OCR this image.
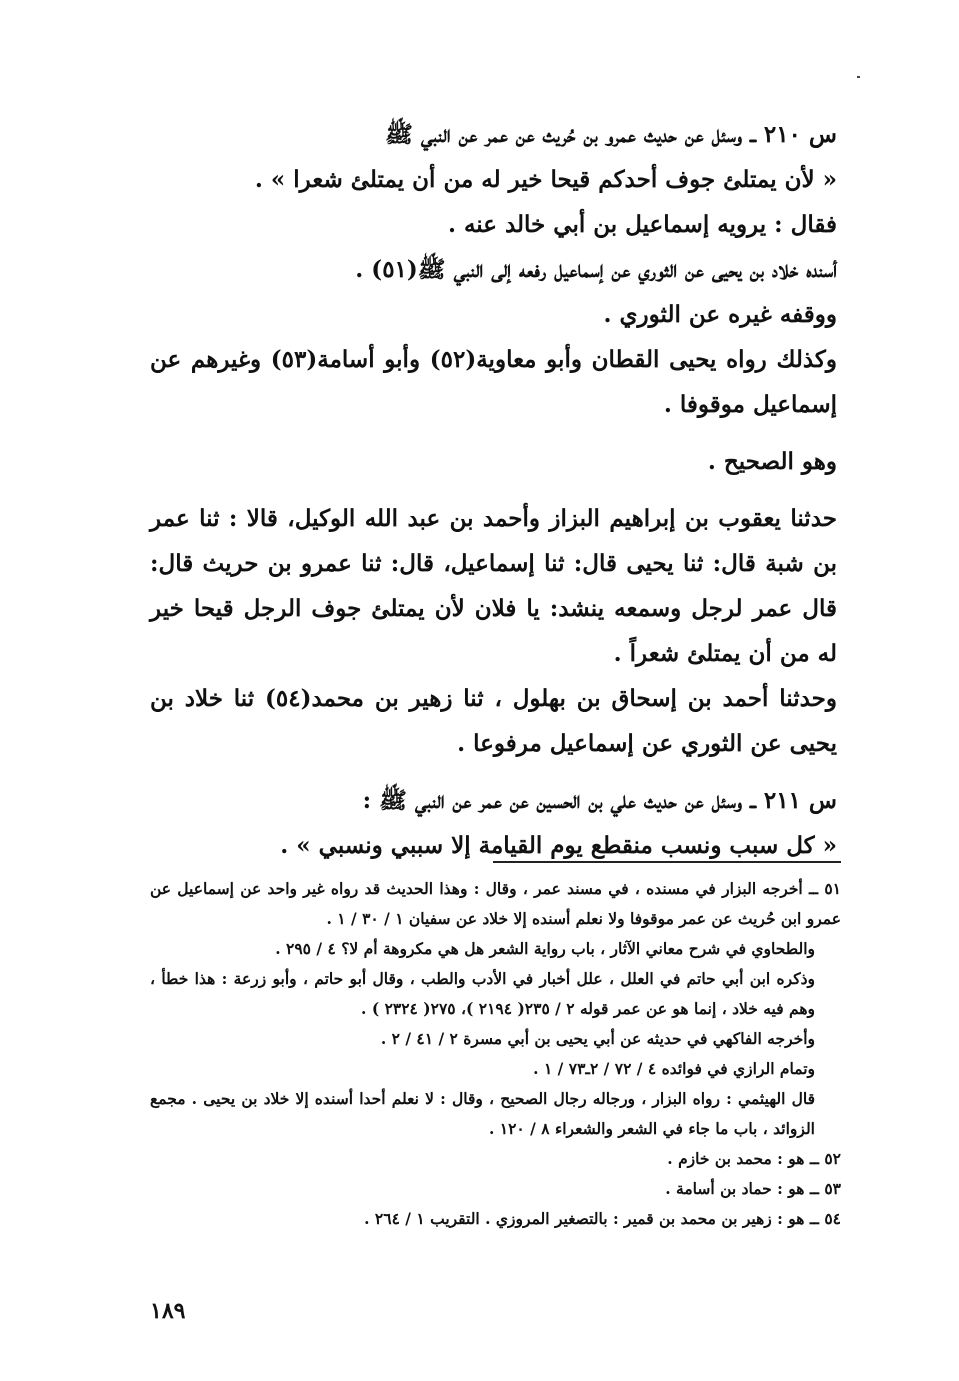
س ٢١٠ ــ وسئل عن حديث عمرو بن حُريث عن عمر عن النبي ﷺ

« لأن يمتلئ جوف أحدكم قيحا خير له من أن يمتلئ شعرا » .

فقال : يرويه إسماعيل بن أبي خالد عنه .

أسنده خلاد بن يحيى عن الثوري عن إسماعيل رفعه إلى النبي ﷺ(٥١) .

ووقفه غيره عن الثوري .

وكذلك رواه يحيى القطان وأبو معاوية(٥٢) وأبو أسامة(٥٣) وغيرهم عن إسماعيل موقوفا .

وهو الصحيح .

حدثنا يعقوب بن إبراهيم البزاز وأحمد بن عبد الله الوكيل، قالا : ثنا عمر بن شبة قال: ثنا يحيى قال: ثنا إسماعيل، قال: ثنا عمرو بن حريث قال: قال عمر لرجل وسمعه ينشد: يا فلان لأن يمتلئ جوف الرجل قيحا خير له من أن يمتلئ شعراً .

وحدثنا أحمد بن إسحاق بن بهلول ، ثنا زهير بن محمد(٥٤) ثنا خلاد بن يحيى عن الثوري عن إسماعيل مرفوعا .

س ٢١١ ــ وسئل عن حديث علي بن الحسين عن عمر عن النبي ﷺ :

« كل سبب ونسب منقطع يوم القيامة إلا سببي ونسبي » .

٥١ ــ أخرجه البزار في مسنده ، في مسند عمر ، وقال : وهذا الحديث قد رواه غير واحد عن إسماعيل عن عمرو ابن حُريث عن عمر موقوفا ولا نعلم أسنده إلا خلاد عن سفيان ١ / ٣٠ / ١ .

والطحاوي في شرح معاني الآثار ، باب رواية الشعر هل هي مكروهة أم لا؟ ٤ / ٢٩٥ .

وذكره ابن أبي حاتم في العلل ، علل أخبار في الأدب والطب ، وقال أبو حاتم ، وأبو زرعة : هذا خطأ ، وهم فيه خلاد ، إنما هو عن عمر قوله ٢ / ٢٣٥( ٢١٩٤ )، ٢٧٥( ٢٣٢٤ ) .

وأخرجه الفاكهي في حديثه عن أبي يحيى بن أبي مسرة ٢ / ٤١ / ٢ .

وتمام الرازي في فوائده ٤ / ٧٢ / ٢ـ٧٣ / ١ .

قال الهيثمي : رواه البزار ، ورجاله رجال الصحيح ، وقال : لا نعلم أحدا أسنده إلا خلاد بن يحيى . مجمع الزوائد ، باب ما جاء في الشعر والشعراء ٨ / ١٢٠ .

٥٢ ــ هو : محمد بن خازم .

٥٣ ــ هو : حماد بن أسامة .

٥٤ ــ هو : زهير بن محمد بن قمير : بالتصغير المروزي . التقريب ١ / ٢٦٤ .

١٨٩
